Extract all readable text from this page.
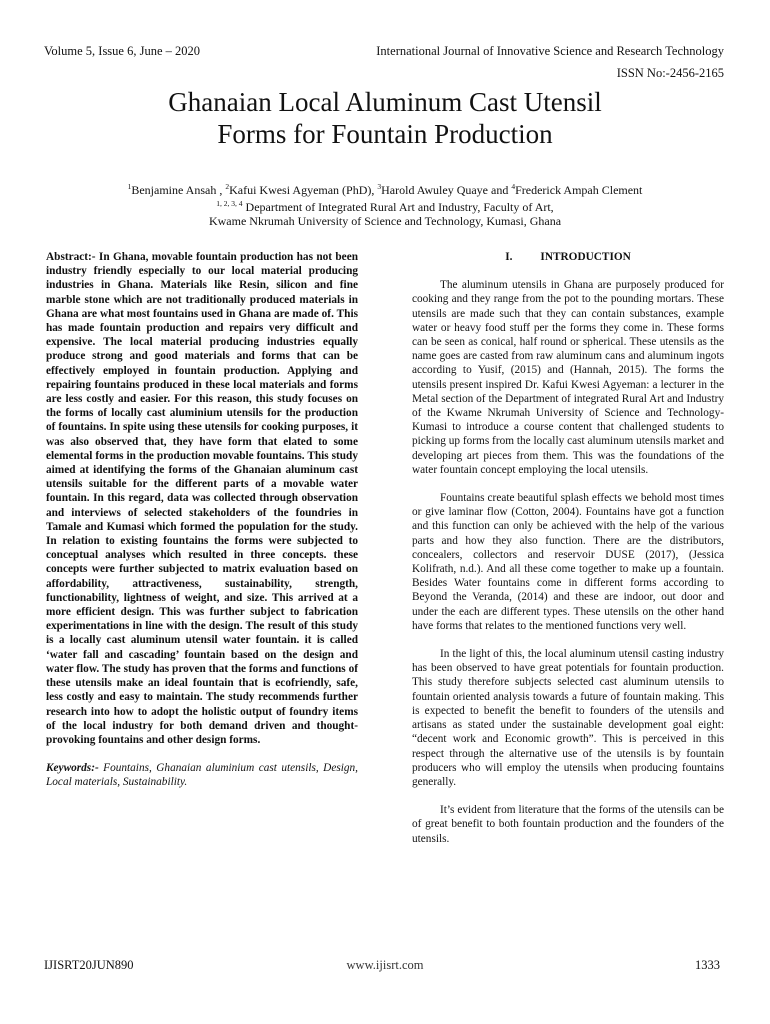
Volume 5, Issue 6, June – 2020	International Journal of Innovative Science and Research Technology
ISSN No:-2456-2165
Ghanaian Local Aluminum Cast Utensil
Forms for Fountain Production
$^1$Benjamine Ansah , $^2$Kafui Kwesi Agyeman (PhD), $^3$Harold Awuley Quaye and $^4$Frederick Ampah Clement
$^{1, 2, 3, 4}$ Department of Integrated Rural Art and Industry, Faculty of Art,
Kwame Nkrumah University of Science and Technology, Kumasi, Ghana

Abstract:- In Ghana, movable fountain production has not been industry friendly especially to our local material producing industries in Ghana. Materials like Resin, silicon and fine marble stone which are not traditionally produced materials in Ghana are what most fountains used in Ghana are made of. This has made fountain production and repairs very difficult and expensive. The local material producing industries equally produce strong and good materials and forms that can be effectively employed in fountain production. Applying and repairing fountains produced in these local materials and forms are less costly and easier. For this reason, this study focuses on the forms of locally cast aluminium utensils for the production of fountains. In spite using these utensils for cooking purposes, it was also observed that, they have form that elated to some elemental forms in the production movable fountains. This study aimed at identifying the forms of the Ghanaian aluminum cast utensils suitable for the different parts of a movable water fountain. In this regard, data was collected through observation and interviews of selected stakeholders of the foundries in Tamale and Kumasi which formed the population for the study. In relation to existing fountains the forms were subjected to conceptual analyses which resulted in three concepts. these concepts were further subjected to matrix evaluation based on affordability, attractiveness, sustainability, strength, functionability, lightness of weight, and size. This arrived at a more efficient design. This was further subject to fabrication experimentations in line with the design. The result of this study is a locally cast aluminum utensil water fountain. it is called ‘water fall and cascading’ fountain based on the design and water flow. The study has proven that the forms and functions of these utensils make an ideal fountain that is ecofriendly, safe, less costly and easy to maintain. The study recommends further research into how to adopt the holistic output of foundry items of the local industry for both demand driven and thought-provoking fountains and other design forms.

Keywords:- Fountains, Ghanaian aluminium cast utensils, Design, Local materials, Sustainability.

I. INTRODUCTION

The aluminum utensils in Ghana are purposely produced for cooking and they range from the pot to the pounding mortars. These utensils are made such that they can contain substances, example water or heavy food stuff per the forms they come in. These forms can be seen as conical, half round or spherical. These utensils as the name goes are casted from raw aluminum cans and aluminum ingots according to Yusif, (2015) and (Hannah, 2015). The forms the utensils present inspired Dr. Kafui Kwesi Agyeman: a lecturer in the Metal section of the Department of integrated Rural Art and Industry of the Kwame Nkrumah University of Science and Technology- Kumasi to introduce a course content that challenged students to picking up forms from the locally cast aluminum utensils market and developing art pieces from them. This was the foundations of the water fountain concept employing the local utensils.

Fountains create beautiful splash effects we behold most times or give laminar flow (Cotton, 2004). Fountains have got a function and this function can only be achieved with the help of the various parts and how they also function. There are the distributors, concealers, collectors and reservoir DUSE (2017), (Jessica Kolifrath, n.d.). And all these come together to make up a fountain. Besides Water fountains come in different forms according to Beyond the Veranda, (2014) and these are indoor, out door and under the each are different types. These utensils on the other hand have forms that relates to the mentioned functions very well.

In the light of this, the local aluminum utensil casting industry has been observed to have great potentials for fountain production. This study therefore subjects selected cast aluminum utensils to fountain oriented analysis towards a future of fountain making. This is expected to benefit the benefit to founders of the utensils and artisans as stated under the sustainable development goal eight: “decent work and Economic growth”. This is perceived in this respect through the alternative use of the utensils is by fountain producers who will employ the utensils when producing fountains generally.

It’s evident from literature that the forms of the utensils can be of great benefit to both fountain production and the founders of the utensils.

IJISRT20JUN890	www.ijisrt.com	1333
